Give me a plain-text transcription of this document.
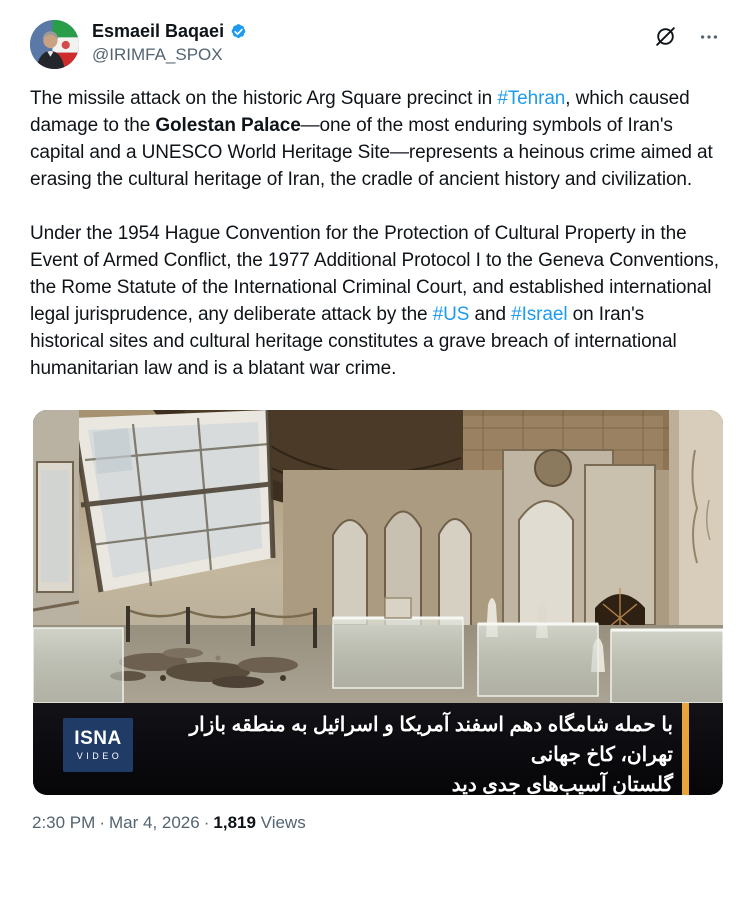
Esmaeil Baqaei
@IRIMFA_SPOX

The missile attack on the historic Arg Square precinct in #Tehran, which caused damage to the Golestan Palace—one of the most enduring symbols of Iran's capital and a UNESCO World Heritage Site—represents a heinous crime aimed at erasing the cultural heritage of Iran, the cradle of ancient history and civilization.

Under the 1954 Hague Convention for the Protection of Cultural Property in the Event of Armed Conflict, the 1977 Additional Protocol I to the Geneva Conventions, the Rome Statute of the International Criminal Court, and established international legal jurisprudence, any deliberate attack by the #US and #Israel on Iran's historical sites and cultural heritage constitutes a grave breach of international humanitarian law and is a blatant war crime.

با حمله شامگاه دهم اسفند آمریکا و اسرائیل به منطقه بازار تهران، کاخ جهانی
گلستان آسیب‌های جدی دید
ISNA
VIDEO
2:30 PM · Mar 4, 2026 · 1,819 Views
